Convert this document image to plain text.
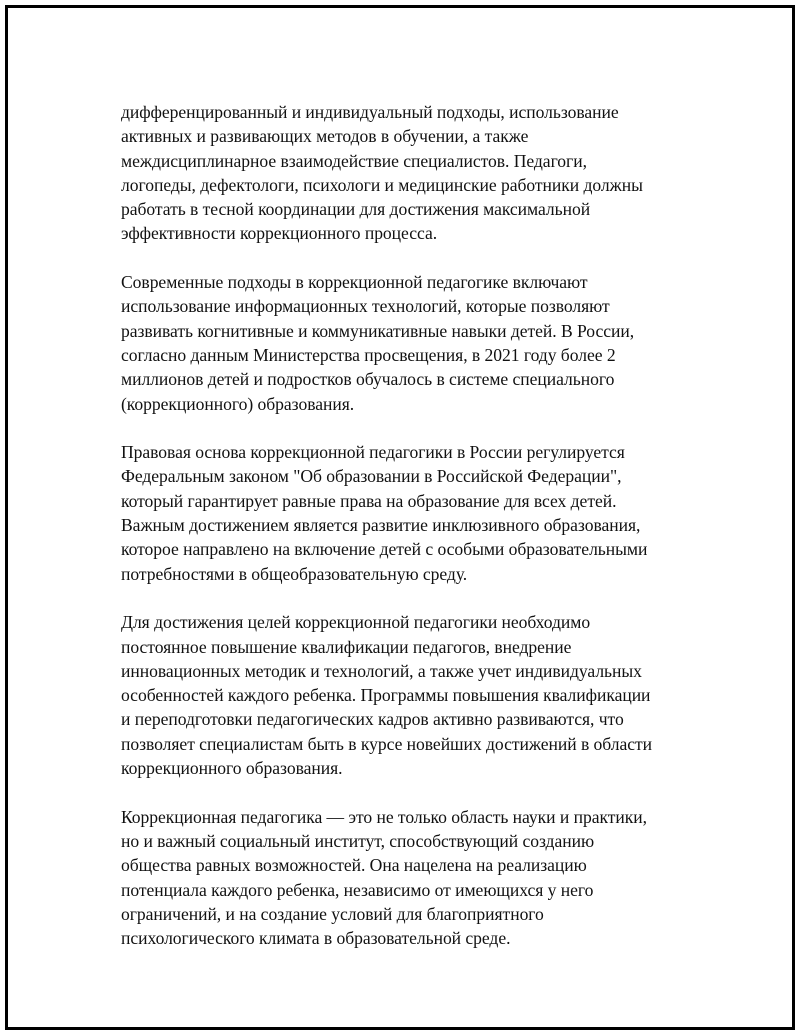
дифференцированный и индивидуальный подходы, использование
активных и развивающих методов в обучении, а также
междисциплинарное взаимодействие специалистов. Педагоги,
логопеды, дефектологи, психологи и медицинские работники должны
работать в тесной координации для достижения максимальной
эффективности коррекционного процесса.

Современные подходы в коррекционной педагогике включают
использование информационных технологий, которые позволяют
развивать когнитивные и коммуникативные навыки детей. В России,
согласно данным Министерства просвещения, в 2021 году более 2
миллионов детей и подростков обучалось в системе специального
(коррекционного) образования.

Правовая основа коррекционной педагогики в России регулируется
Федеральным законом "Об образовании в Российской Федерации",
который гарантирует равные права на образование для всех детей.
Важным достижением является развитие инклюзивного образования,
которое направлено на включение детей с особыми образовательными
потребностями в общеобразовательную среду.

Для достижения целей коррекционной педагогики необходимо
постоянное повышение квалификации педагогов, внедрение
инновационных методик и технологий, а также учет индивидуальных
особенностей каждого ребенка. Программы повышения квалификации
и переподготовки педагогических кадров активно развиваются, что
позволяет специалистам быть в курсе новейших достижений в области
коррекционного образования.

Коррекционная педагогика — это не только область науки и практики,
но и важный социальный институт, способствующий созданию
общества равных возможностей. Она нацелена на реализацию
потенциала каждого ребенка, независимо от имеющихся у него
ограничений, и на создание условий для благоприятного
психологического климата в образовательной среде.
